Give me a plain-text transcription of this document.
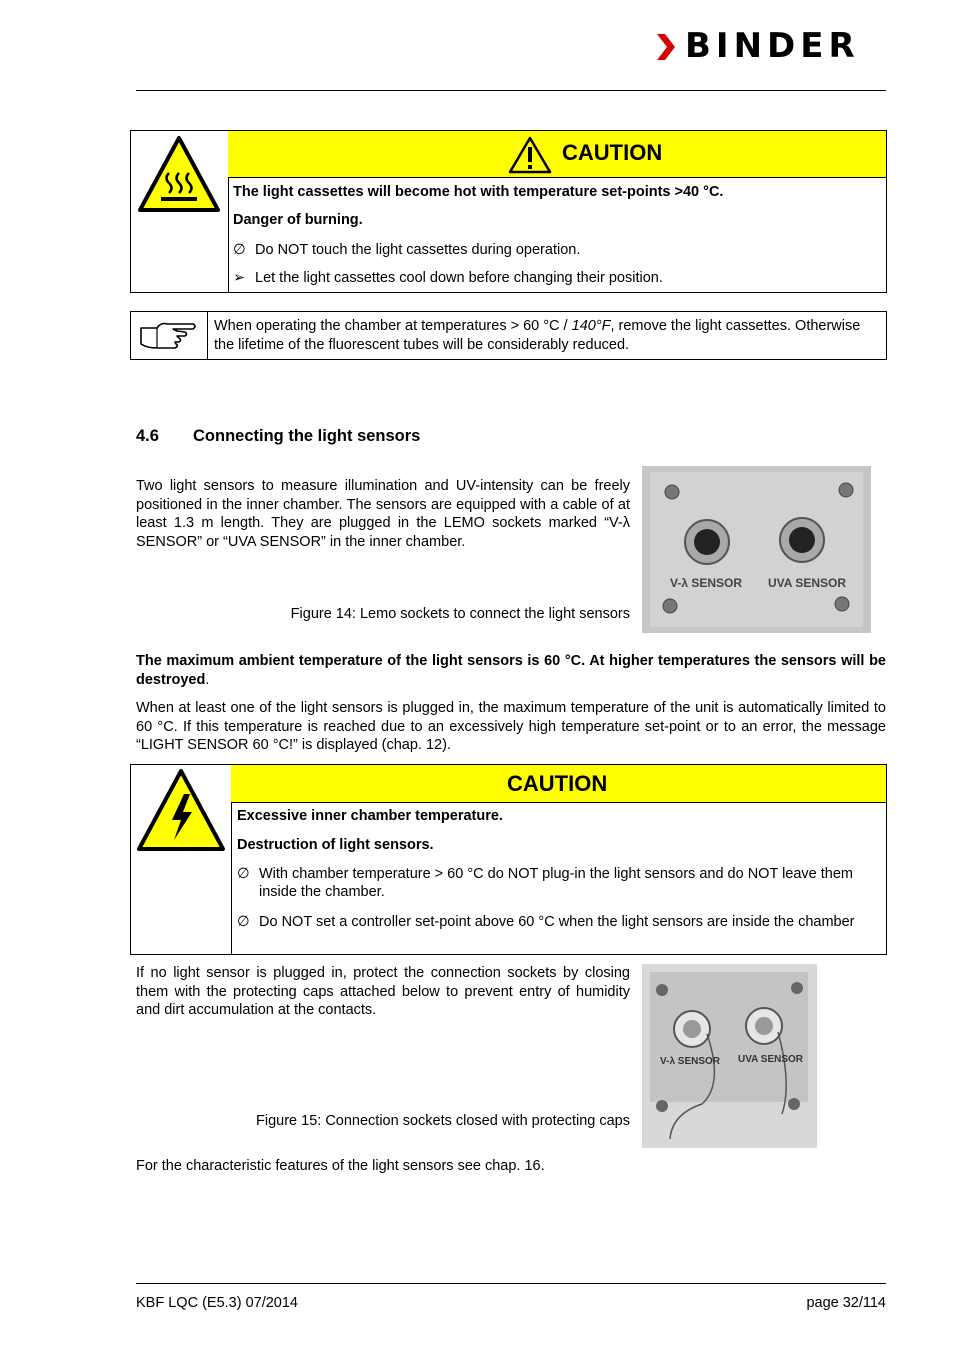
BINDER
CAUTION
The light cassettes will become hot with temperature set-points >40 °C.
Danger of burning.
∅ Do NOT touch the light cassettes during operation.
➢ Let the light cassettes cool down before changing their position.
When operating the chamber at temperatures > 60 °C / 140°F, remove the light cassettes. Otherwise the lifetime of the fluorescent tubes will be considerably reduced.
4.6 Connecting the light sensors
Two light sensors to measure illumination and UV-intensity can be freely positioned in the inner chamber. The sensors are equipped with a cable of at least 1.3 m length. They are plugged in the LEMO sockets marked “V-λ SENSOR” or “UVA SENSOR” in the inner chamber.
V-λ SENSOR UVA SENSOR
Figure 14: Lemo sockets to connect the light sensors
The maximum ambient temperature of the light sensors is 60 °C. At higher temperatures the sensors will be destroyed.
When at least one of the light sensors is plugged in, the maximum temperature of the unit is automatically limited to 60 °C. If this temperature is reached due to an excessively high temperature set-point or to an error, the message “LIGHT SENSOR 60 °C!” is displayed (chap. 12).
CAUTION
Excessive inner chamber temperature.
Destruction of light sensors.
∅ With chamber temperature > 60 °C do NOT plug-in the light sensors and do NOT leave them inside the chamber.
∅ Do NOT set a controller set-point above 60 °C when the light sensors are inside the chamber
If no light sensor is plugged in, protect the connection sockets by closing them with the protecting caps attached below to prevent entry of humidity and dirt accumulation at the contacts.
V-λ SENSOR UVA SENSOR
Figure 15: Connection sockets closed with protecting caps
For the characteristic features of the light sensors see chap. 16.
KBF LQC (E5.3) 07/2014	page 32/114
